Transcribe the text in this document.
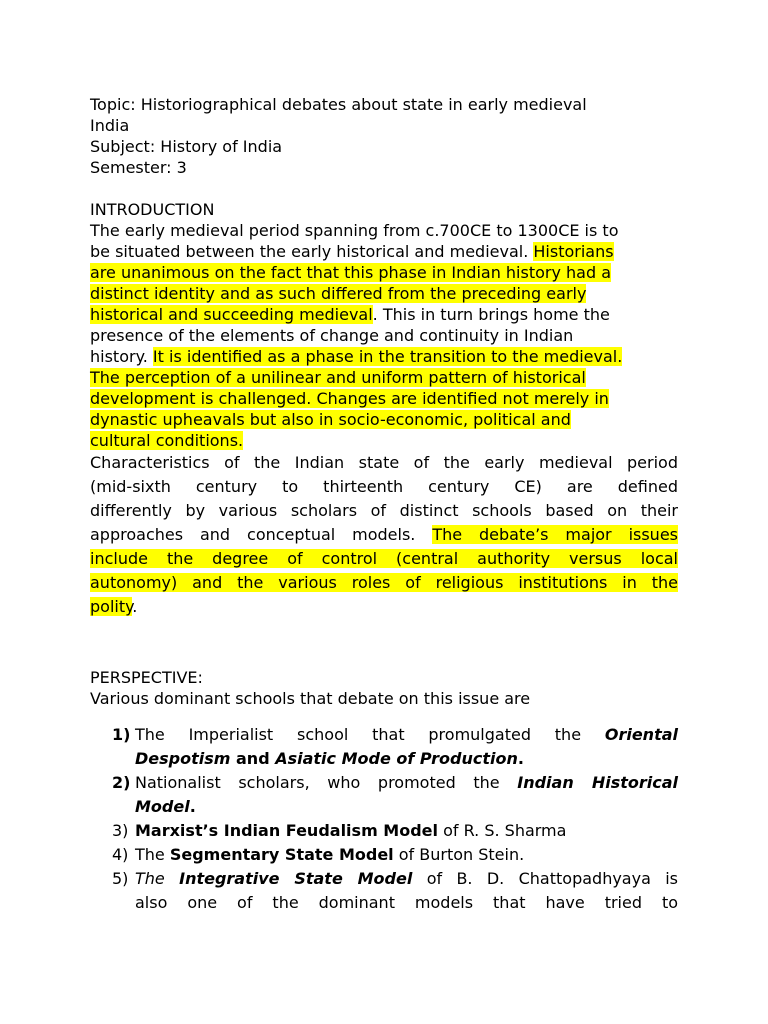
Topic: Historiographical debates about state in early medieval

India

Subject: History of India

Semester: 3

INTRODUCTION

The early medieval period spanning from c.700CE to 1300CE is to

be situated between the early historical and medieval. Historians

are unanimous on the fact that this phase in Indian history had a

distinct identity and as such differed from the preceding early

historical and succeeding medieval. This in turn brings home the

presence of the elements of change and continuity in Indian

history. It is identified as a phase in the transition to the medieval.

The perception of a unilinear and uniform pattern of historical

development is challenged. Changes are identified not merely in

dynastic upheavals but also in socio-economic, political and

cultural conditions.

Characteristics of the Indian state of the early medieval period
(mid-sixth century to thirteenth century CE) are defined
differently by various scholars of distinct schools based on their
approaches and conceptual models. The debate’s major issues
include the degree of control (central authority versus local
autonomy) and the various roles of religious institutions in the
polity.

PERSPECTIVE:

Various dominant schools that debate on this issue are

1) The Imperialist school that promulgated the Oriental
Despotism and Asiatic Mode of Production.
2) Nationalist scholars, who promoted the Indian Historical
Model.
3) Marxist’s Indian Feudalism Model of R. S. Sharma
4) The Segmentary State Model of Burton Stein.
5) The Integrative State Model of B. D. Chattopadhyaya is
also one of the dominant models that have tried to
